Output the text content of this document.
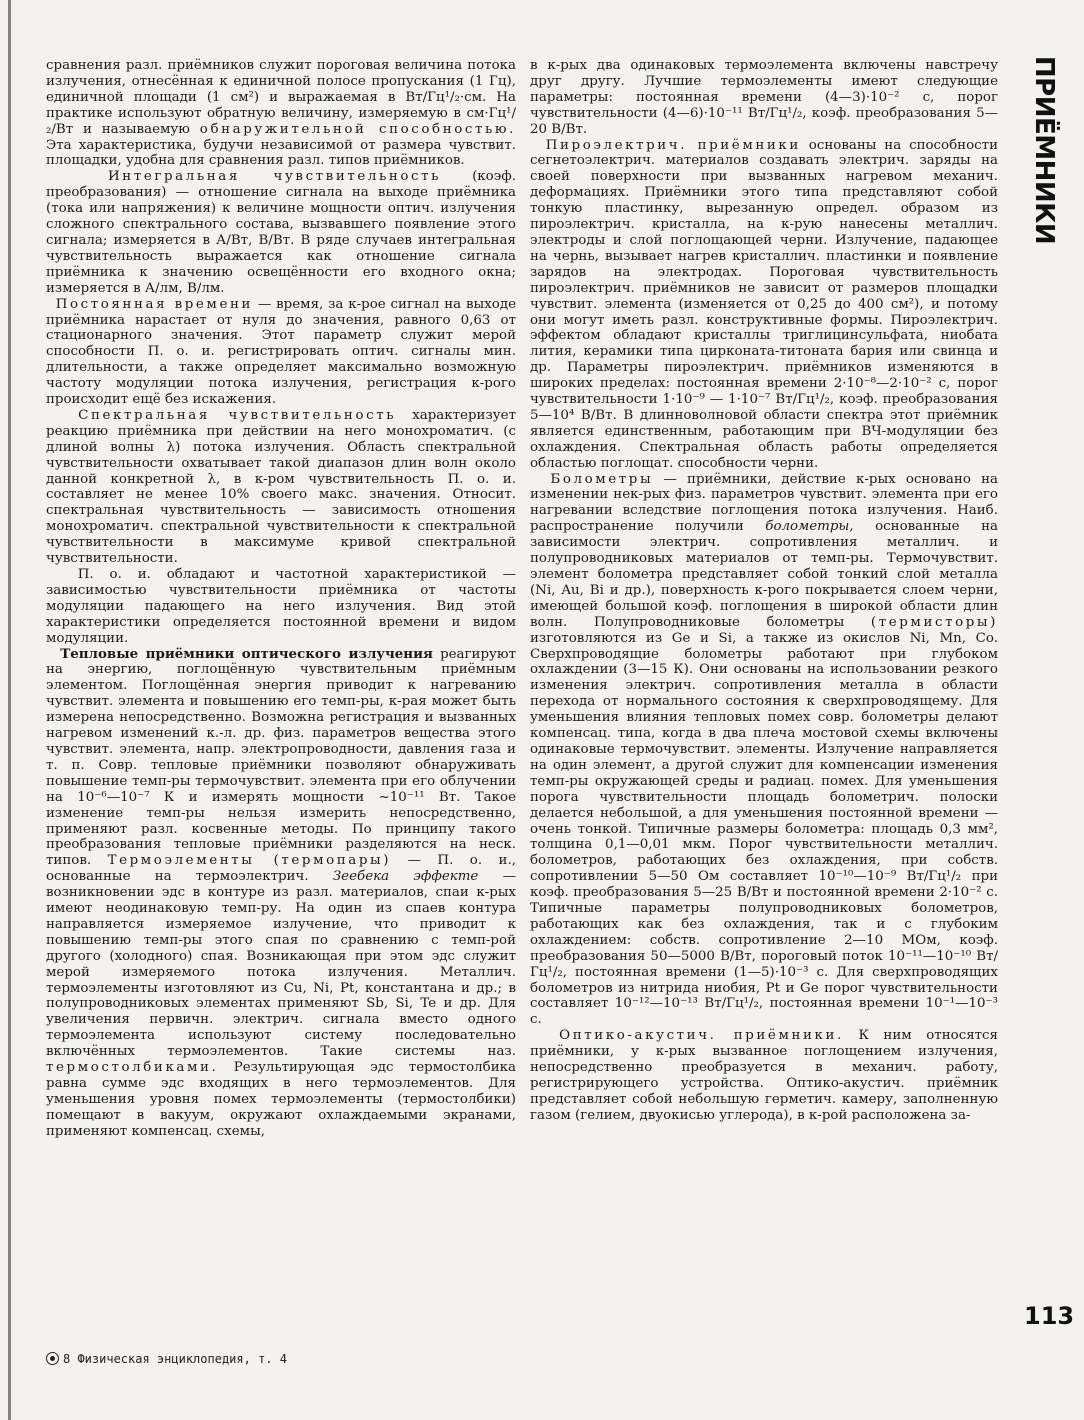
ПРИЁМНИКИ

сравнения разл. приёмников служит пороговая величина потока излучения, отнесённая к единичной полосе пропускания (1 Гц), единичной площади (1 см²) и выражаемая в Вт/Гц¹/₂·см. На практике используют обратную величину, измеряемую в см·Гц¹/₂/Вт и называемую обнаружительной способностью. Эта характеристика, будучи независимой от размера чувствит. площадки, удобна для сравнения разл. типов приёмников.

Интегральная чувствительность (коэф. преобразования) — отношение сигнала на выходе приёмника (тока или напряжения) к величине мощности оптич. излучения сложного спектрального состава, вызвавшего появление этого сигнала; измеряется в А/Вт, В/Вт. В ряде случаев интегральная чувствительность выражается как отношение сигнала приёмника к значению освещённости его входного окна; измеряется в А/лм, В/лм.

Постоянная времени — время, за к-рое сигнал на выходе приёмника нарастает от нуля до значения, равного 0,63 от стационарного значения. Этот параметр служит мерой способности П. о. и. регистрировать оптич. сигналы мин. длительности, а также определяет максимально возможную частоту модуляции потока излучения, регистрация к-рого происходит ещё без искажения.

Спектральная чувствительность характеризует реакцию приёмника при действии на него монохроматич. (с длиной волны λ) потока излучения. Область спектральной чувствительности охватывает такой диапазон длин волн около данной конкретной λ, в к-ром чувствительность П. о. и. составляет не менее 10% своего макс. значения. Относит. спектральная чувствительность — зависимость отношения монохроматич. спектральной чувствительности к спектральной чувствительности в максимуме кривой спектральной чувствительности.

П. о. и. обладают и частотной характеристикой — зависимостью чувствительности приёмника от частоты модуляции падающего на него излучения. Вид этой характеристики определяется постоянной времени и видом модуляции.

Тепловые приёмники оптического излучения реагируют на энергию, поглощённую чувствительным приёмным элементом. Поглощённая энергия приводит к нагреванию чувствит. элемента и повышению его темп-ры, к-рая может быть измерена непосредственно. Возможна регистрация и вызванных нагревом изменений к.-л. др. физ. параметров вещества этого чувствит. элемента, напр. электропроводности, давления газа и т. п. Совр. тепловые приёмники позволяют обнаруживать повышение темп-ры термочувствит. элемента при его облучении на 10⁻⁶—10⁻⁷ К и измерять мощности ~10⁻¹¹ Вт. Такое изменение темп-ры нельзя измерить непосредственно, применяют разл. косвенные методы. По принципу такого преобразования тепловые приёмники разделяются на неск. типов. Термоэлементы (термопары) — П. о. и., основанные на термоэлектрич. Зеебека эффекте — возникновении эдс в контуре из разл. материалов, спаи к-рых имеют неодинаковую темп-ру. На один из спаев контура направляется измеряемое излучение, что приводит к повышению темп-ры этого спая по сравнению с темп-рой другого (холодного) спая. Возникающая при этом эдс служит мерой измеряемого потока излучения. Металлич. термоэлементы изготовляют из Cu, Ni, Pt, константана и др.; в полупроводниковых элементах применяют Sb, Si, Te и др. Для увеличения первичн. электрич. сигнала вместо одного термоэлемента используют систему последовательно включённых термоэлементов. Такие системы наз. термостолбиками. Результирующая эдс термостолбика равна сумме эдс входящих в него термоэлементов. Для уменьшения уровня помех термоэлементы (термостолбики) помещают в вакуум, окружают охлаждаемыми экранами, применяют компенсац. схемы,

в к-рых два одинаковых термоэлемента включены навстречу друг другу. Лучшие термоэлементы имеют следующие параметры: постоянная времени (4—3)·10⁻² с, порог чувствительности (4—6)·10⁻¹¹ Вт/Гц¹/₂, коэф. преобразования 5—20 В/Вт.

Пироэлектрич. приёмники основаны на способности сегнетоэлектрич. материалов создавать электрич. заряды на своей поверхности при вызванных нагревом механич. деформациях. Приёмники этого типа представляют собой тонкую пластинку, вырезанную определ. образом из пироэлектрич. кристалла, на к-рую нанесены металлич. электроды и слой поглощающей черни. Излучение, падающее на чернь, вызывает нагрев кристаллич. пластинки и появление зарядов на электродах. Пороговая чувствительность пироэлектрич. приёмников не зависит от размеров площадки чувствит. элемента (изменяется от 0,25 до 400 см²), и потому они могут иметь разл. конструктивные формы. Пироэлектрич. эффектом обладают кристаллы триглицинсульфата, ниобата лития, керамики типа цирконата-титоната бария или свинца и др. Параметры пироэлектрич. приёмников изменяются в широких пределах: постоянная времени 2·10⁻⁸—2·10⁻² с, порог чувствительности 1·10⁻⁹ — 1·10⁻⁷ Вт/Гц¹/₂, коэф. преобразования 5—10⁴ В/Вт. В длинноволновой области спектра этот приёмник является единственным, работающим при ВЧ-модуляции без охлаждения. Спектральная область работы определяется областью поглощат. способности черни.

Болометры — приёмники, действие к-рых основано на изменении нек-рых физ. параметров чувствит. элемента при его нагревании вследствие поглощения потока излучения. Наиб. распространение получили болометры, основанные на зависимости электрич. сопротивления металлич. и полупроводниковых материалов от темп-ры. Термочувствит. элемент болометра представляет собой тонкий слой металла (Ni, Au, Bi и др.), поверхность к-рого покрывается слоем черни, имеющей большой коэф. поглощения в широкой области длин волн. Полупроводниковые болометры (термисторы) изготовляются из Ge и Si, а также из окислов Ni, Mn, Co. Сверхпроводящие болометры работают при глубоком охлаждении (3—15 К). Они основаны на использовании резкого изменения электрич. сопротивления металла в области перехода от нормального состояния к сверхпроводящему. Для уменьшения влияния тепловых помех совр. болометры делают компенсац. типа, когда в два плеча мостовой схемы включены одинаковые термочувствит. элементы. Излучение направляется на один элемент, а другой служит для компенсации изменения темп-ры окружающей среды и радиац. помех. Для уменьшения порога чувствительности площадь болометрич. полоски делается небольшой, а для уменьшения постоянной времени — очень тонкой. Типичные размеры болометра: площадь 0,3 мм², толщина 0,1—0,01 мкм. Порог чувствительности металлич. болометров, работающих без охлаждения, при собств. сопротивлении 5—50 Ом составляет 10⁻¹⁰—10⁻⁹ Вт/Гц¹/₂ при коэф. преобразования 5—25 В/Вт и постоянной времени 2·10⁻² с. Типичные параметры полупроводниковых болометров, работающих как без охлаждения, так и с глубоким охлаждением: собств. сопротивление 2—10 МОм, коэф. преобразования 50—5000 В/Вт, пороговый поток 10⁻¹¹—10⁻¹⁰ Вт/Гц¹/₂, постоянная времени (1—5)·10⁻³ с. Для сверхпроводящих болометров из нитрида ниобия, Pt и Ge порог чувствительности составляет 10⁻¹²—10⁻¹³ Вт/Гц¹/₂, постоянная времени 10⁻¹—10⁻³ с.

Оптико-акустич. приёмники. К ним относятся приёмники, у к-рых вызванное поглощением излучения, непосредственно преобразуется в механич. работу, регистрирующего устройства. Оптико-акустич. приёмник представляет собой небольшую герметич. камеру, заполненную газом (гелием, двуокисью углерода), в к-рой расположена за-

113
8 Физическая энциклопедия, т. 4
